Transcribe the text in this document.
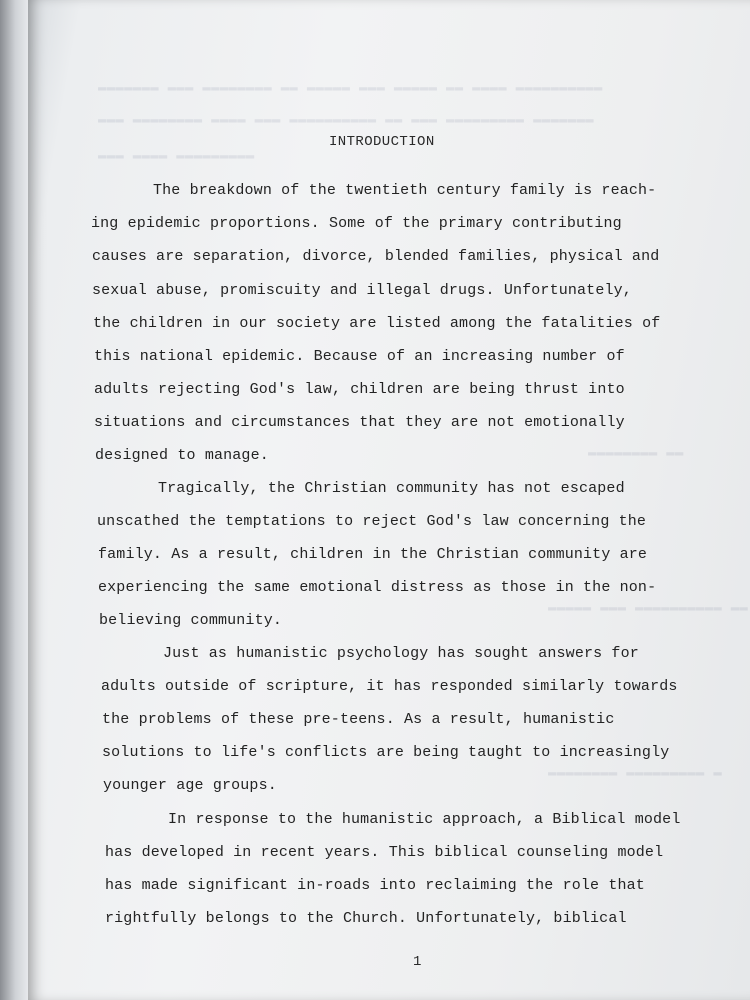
▬▬▬▬▬▬▬ ▬▬▬ ▬▬▬▬▬▬▬▬ ▬▬ ▬▬▬▬▬ ▬▬▬ ▬▬▬▬▬ ▬▬ ▬▬▬▬ ▬▬▬▬▬▬▬▬▬▬
▬▬▬ ▬▬▬▬▬▬▬▬ ▬▬▬▬ ▬▬▬ ▬▬▬▬▬▬▬▬▬▬ ▬▬ ▬▬▬ ▬▬▬▬▬▬▬▬▬ ▬▬▬▬▬▬▬
▬▬▬ ▬▬▬▬ ▬▬▬▬▬▬▬▬▬
▬▬▬▬▬▬▬▬ ▬▬
▬▬▬▬▬ ▬▬▬ ▬▬▬▬▬▬▬▬▬▬ ▬▬
▬▬▬▬▬▬▬▬ ▬▬▬▬▬▬▬▬▬ ▬
INTRODUCTION
The breakdown of the twentieth century family is reach-
ing epidemic proportions. Some of the primary contributing
causes are separation, divorce, blended families, physical and
sexual abuse, promiscuity and illegal drugs. Unfortunately,
the children in our society are listed among the fatalities of
this national epidemic. Because of an increasing number of
adults rejecting God's law, children are being thrust into
situations and circumstances that they are not emotionally
designed to manage.
Tragically, the Christian community has not escaped
unscathed the temptations to reject God's law concerning the
family. As a result, children in the Christian community are
experiencing the same emotional distress as those in the non-
believing community.
Just as humanistic psychology has sought answers for
adults outside of scripture, it has responded similarly towards
the problems of these pre-teens. As a result, humanistic
solutions to life's conflicts are being taught to increasingly
younger age groups.
In response to the humanistic approach, a Biblical model
has developed in recent years. This biblical counseling model
has made significant in-roads into reclaiming the role that
rightfully belongs to the Church. Unfortunately, biblical
1
